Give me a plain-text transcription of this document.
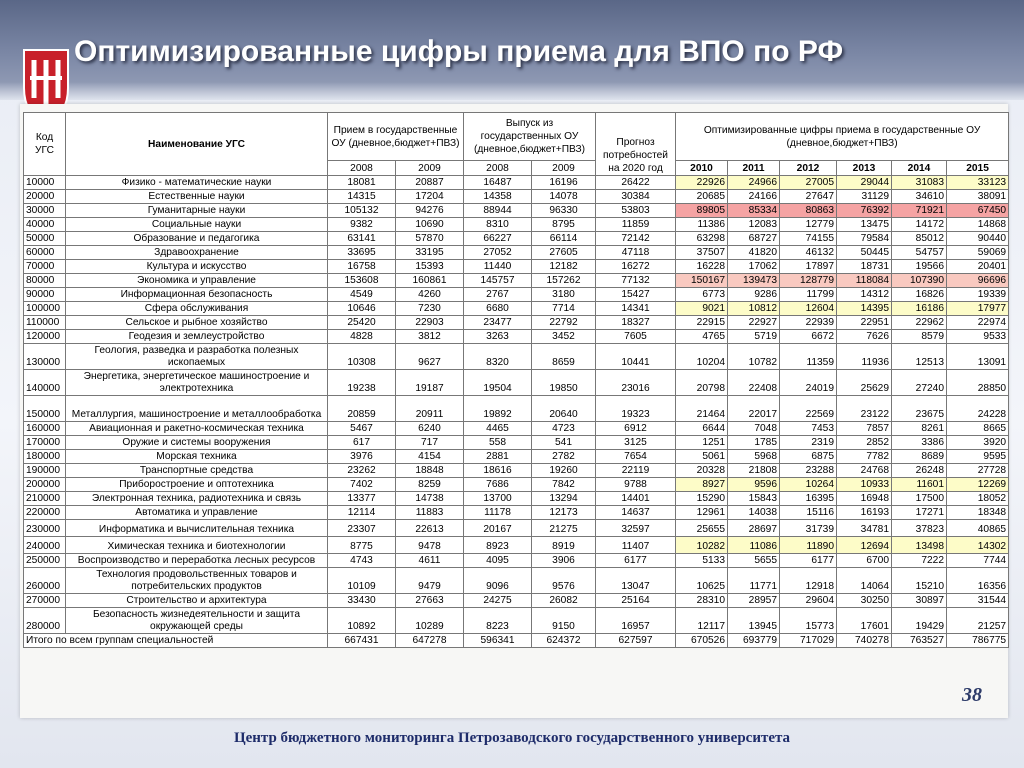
Оптимизированные цифры приема для ВПО по РФ
Код УГС	Наименование УГС	Прием в государственные ОУ (дневное,бюджет+ПВЗ)		Выпуск из государственных ОУ (дневное,бюджет+ПВЗ)		Прогноз потребностей на 2020 год	Оптимизированные цифры приема в государственные ОУ (дневное,бюджет+ПВЗ)					
		2008	2009	2008	2009		2010	2011	2012	2013	2014	2015
10000	Физико - математические науки	18081	20887	16487	16196	26422	22926	24966	27005	29044	31083	33123
20000	Естественные науки	14315	17204	14358	14078	30384	20685	24166	27647	31129	34610	38091
30000	Гуманитарные науки	105132	94276	88944	96330	53803	89805	85334	80863	76392	71921	67450
40000	Социальные науки	9382	10690	8310	8795	11859	11386	12083	12779	13475	14172	14868
50000	Образование и педагогика	63141	57870	66227	66114	72142	63298	68727	74155	79584	85012	90440
60000	Здравоохранение	33695	33195	27052	27605	47118	37507	41820	46132	50445	54757	59069
70000	Культура и искусство	16758	15393	11440	12182	16272	16228	17062	17897	18731	19566	20401
80000	Экономика и управление	153608	160861	145757	157262	77132	150167	139473	128779	118084	107390	96696
90000	Информационная безопасность	4549	4260	2767	3180	15427	6773	9286	11799	14312	16826	19339
100000	Сфера обслуживания	10646	7230	6680	7714	14341	9021	10812	12604	14395	16186	17977
110000	Сельское и рыбное хозяйство	25420	22903	23477	22792	18327	22915	22927	22939	22951	22962	22974
120000	Геодезия и землеустройство	4828	3812	3263	3452	7605	4765	5719	6672	7626	8579	9533
130000	Геология, разведка и разработка полезных ископаемых	10308	9627	8320	8659	10441	10204	10782	11359	11936	12513	13091
140000	Энергетика, энергетическое машиностроение и электротехника	19238	19187	19504	19850	23016	20798	22408	24019	25629	27240	28850
150000	Металлургия, машиностроение и металлообработка	20859	20911	19892	20640	19323	21464	22017	22569	23122	23675	24228
160000	Авиационная и ракетно-космическая техника	5467	6240	4465	4723	6912	6644	7048	7453	7857	8261	8665
170000	Оружие и системы вооружения	617	717	558	541	3125	1251	1785	2319	2852	3386	3920
180000	Морская техника	3976	4154	2881	2782	7654	5061	5968	6875	7782	8689	9595
190000	Транспортные средства	23262	18848	18616	19260	22119	20328	21808	23288	24768	26248	27728
200000	Приборостроение и оптотехника	7402	8259	7686	7842	9788	8927	9596	10264	10933	11601	12269
210000	Электронная техника, радиотехника и связь	13377	14738	13700	13294	14401	15290	15843	16395	16948	17500	18052
220000	Автоматика и управление	12114	11883	11178	12173	14637	12961	14038	15116	16193	17271	18348
230000	Информатика и вычислительная техника	23307	22613	20167	21275	32597	25655	28697	31739	34781	37823	40865
240000	Химическая техника и биотехнологии	8775	9478	8923	8919	11407	10282	11086	11890	12694	13498	14302
250000	Воспроизводство и переработка лесных ресурсов	4743	4611	4095	3906	6177	5133	5655	6177	6700	7222	7744
260000	Технология продовольственных товаров и потребительских продуктов	10109	9479	9096	9576	13047	10625	11771	12918	14064	15210	16356
270000	Строительство и архитектура	33430	27663	24275	26082	25164	28310	28957	29604	30250	30897	31544
280000	Безопасность жизнедеятельности и защита окружающей среды	10892	10289	8223	9150	16957	12117	13945	15773	17601	19429	21257
Итого по всем группам специальностей		667431	647278	596341	624372	627597	670526	693779	717029	740278	763527	786775
38
Центр бюджетного мониторинга Петрозаводского государственного университета
